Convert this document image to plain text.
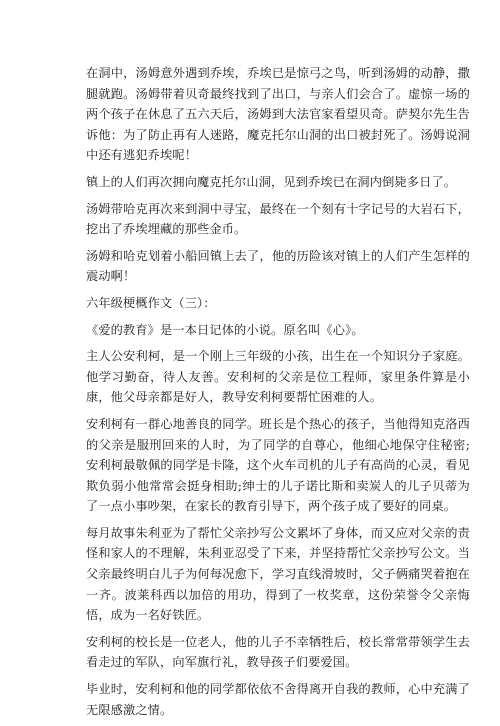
在洞中，汤姆意外遇到乔埃，乔埃已是惊弓之鸟，听到汤姆的动静，撒腿就跑。汤姆带着贝奇最终找到了出口，与亲人们会合了。虚惊一场的两个孩子在休息了五六天后，汤姆到大法官家看望贝奇。萨契尔先生告诉他：为了防止再有人迷路，魔克托尔山洞的出口被封死了。汤姆说洞中还有逃犯乔埃呢！

镇上的人们再次拥向魔克托尔山洞，见到乔埃已在洞内倒毙多日了。

汤姆带哈克再次来到洞中寻宝，最终在一个刻有十字记号的大岩石下，挖出了乔埃埋藏的那些金币。

汤姆和哈克划着小船回镇上去了，他的历险该对镇上的人们产生怎样的震动啊！

六年级梗概作文（三）：

《爱的教育》是一本日记体的小说。原名叫《心》。

主人公安利柯，是一个刚上三年级的小孩，出生在一个知识分子家庭。他学习勤奋，待人友善。安利柯的父亲是位工程师，家里条件算是小康，他父母亲都是好人，教导安利柯要帮忙困难的人。

安利柯有一群心地善良的同学。班长是个热心的孩子，当他得知克洛西的父亲是服刑回来的人时，为了同学的自尊心，他细心地保守住秘密;安利柯最敬佩的同学是卡隆，这个火车司机的儿子有高尚的心灵，看见欺负弱小他常常会挺身相助;绅士的儿子诺比斯和卖炭人的儿子贝蒂为了一点小事吵架，在家长的教育引导下，两个孩子成了要好的同桌。

每月故事朱利亚为了帮忙父亲抄写公文累坏了身体，而又应对父亲的责怪和家人的不理解，朱利亚忍受了下来，并坚持帮忙父亲抄写公文。当父亲最终明白儿子为何每况愈下，学习直线滑坡时，父子俩痛哭着抱在一齐。波莱科西以加倍的用功，得到了一枚奖章，这份荣誉令父亲悔悟，成为一名好铁匠。

安利柯的校长是一位老人，他的儿子不幸牺牲后，校长常常带领学生去看走过的军队，向军旗行礼，教导孩子们要爱国。

毕业时，安利柯和他的同学都依依不舍得离开自我的教师，心中充满了无限感激之情。
